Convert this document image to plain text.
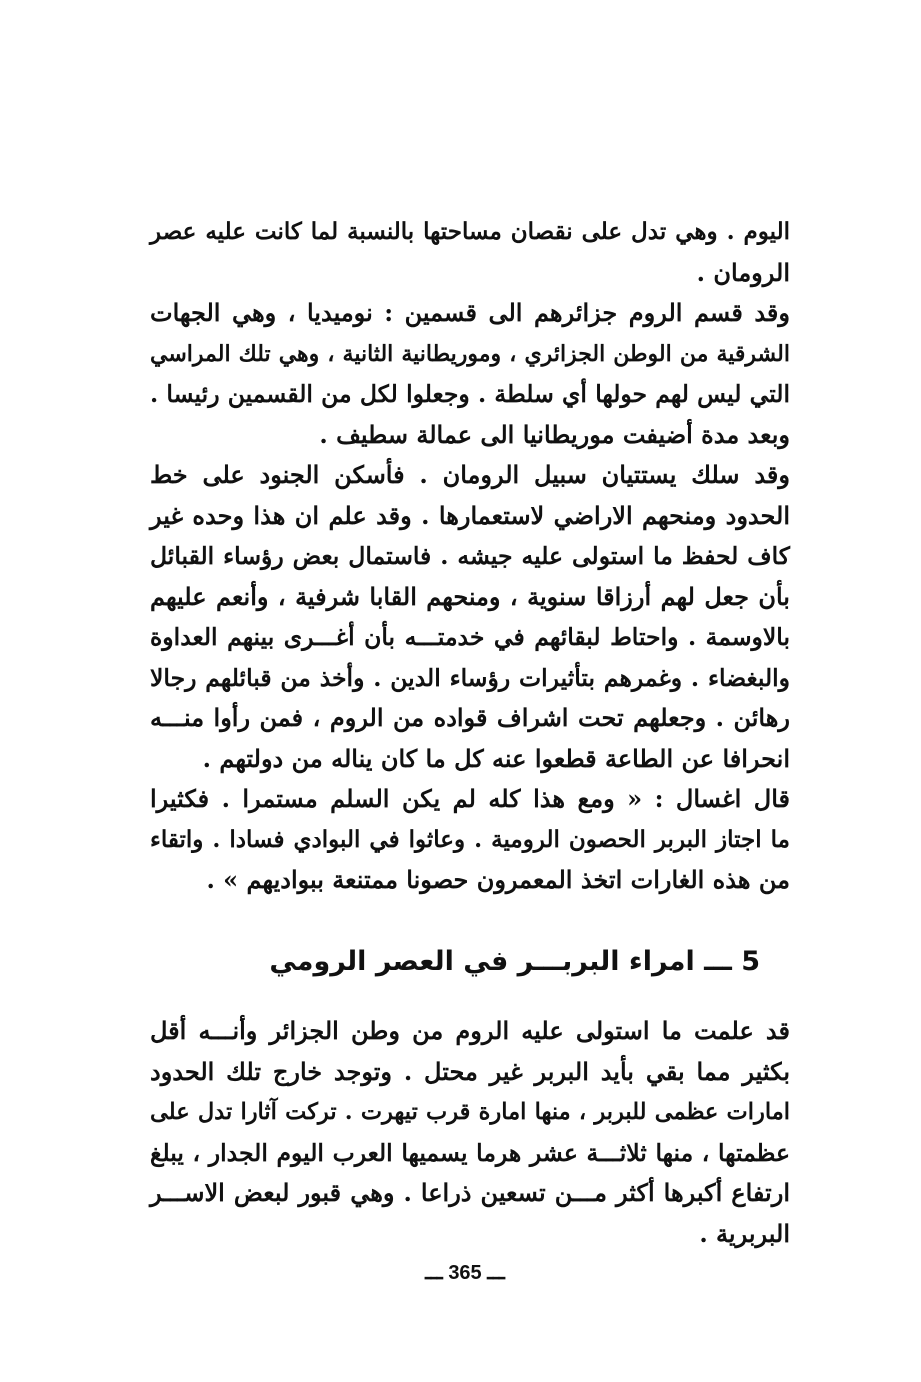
اليوم . وهي تدل على نقصان مساحتها بالنسبة لما كانت عليه عصر
الرومان .
وقد قسم الروم جزائرهم الى قسمين : نوميديا ، وهي الجهات
الشرقية من الوطن الجزائري ، وموريطانية الثانية ، وهي تلك المراسي
التي ليس لهم حولها أي سلطة . وجعلوا لكل من القسمين رئيسا .
وبعد مدة أضيفت موريطانيا الى عمالة سطيف .
وقد سلك يستتيان سبيل الرومان . فأسكن الجنود على خط
الحدود ومنحهم الاراضي لاستعمارها . وقد علم ان هذا وحده غير
كاف لحفظ ما استولى عليه جيشه . فاستمال بعض رؤساء القبائل
بأن جعل لهم أرزاقا سنوية ، ومنحهم القابا شرفية ، وأنعم عليهم
بالاوسمة . واحتاط لبقائهم في خدمتـــه بأن أغـــرى بينهم العداوة
والبغضاء . وغمرهم بتأثيرات رؤساء الدين . وأخذ من قبائلهم رجالا
رهائن . وجعلهم تحت اشراف قواده من الروم ، فمن رأوا منـــه
انحرافا عن الطاعة قطعوا عنه كل ما كان يناله من دولتهم .
قال اغسال : « ومع هذا كله لم يكن السلم مستمرا . فكثيرا
ما اجتاز البربر الحصون الرومية . وعاثوا في البوادي فسادا . واتقاء
من هذه الغارات اتخذ المعمرون حصونا ممتنعة ببواديهم » .
5 ـــ امراء البربـــر في العصر الرومي
قد علمت ما استولى عليه الروم من وطن الجزائر وأنـــه أقل
بكثير مما بقي بأيد البربر غير محتل . وتوجد خارج تلك الحدود
امارات عظمى للبربر ، منها امارة قرب تيهرت . تركت آثارا تدل على
عظمتها ، منها ثلاثـــة عشر هرما يسميها العرب اليوم الجدار ، يبلغ
ارتفاع أكبرها أكثر مـــن تسعين ذراعا . وهي قبور لبعض الاســـر
البربرية .
ـــ 365 ـــ
